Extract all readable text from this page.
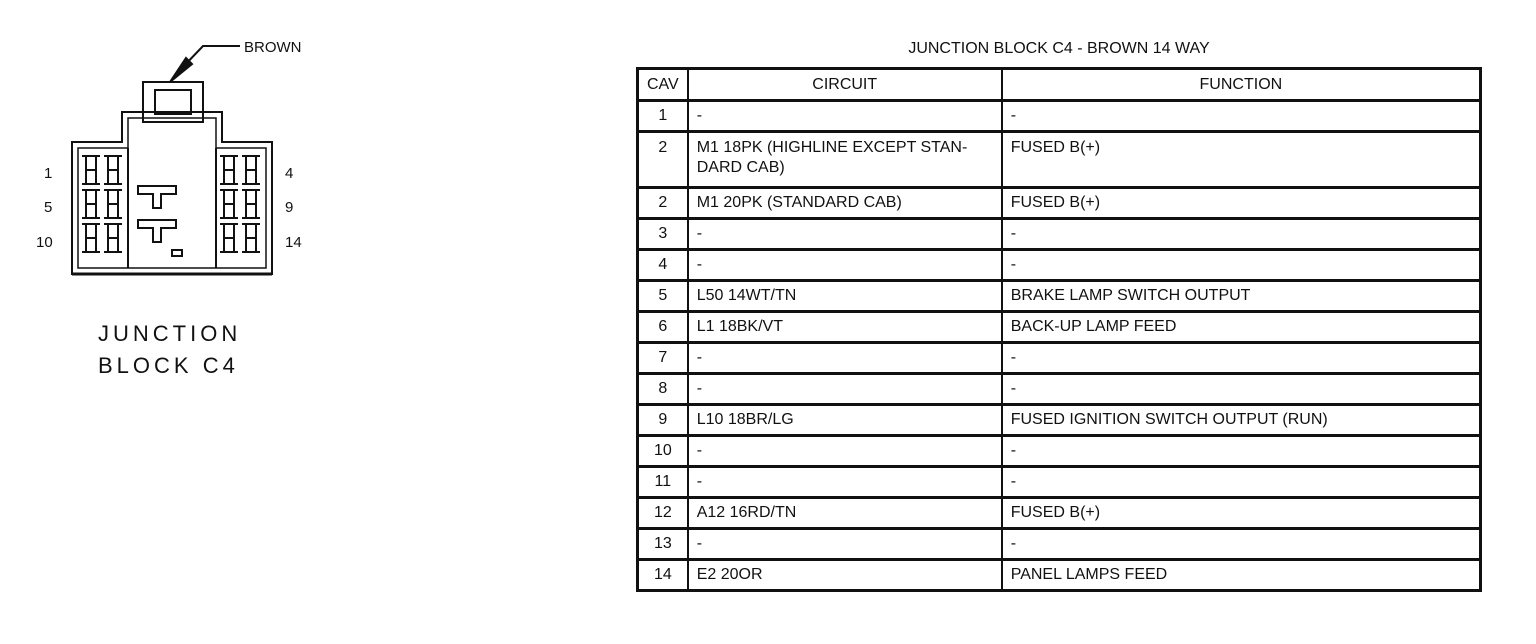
BROWN
1
5
10
4
9
14
JUNCTION
BLOCK C4
JUNCTION BLOCK C4 - BROWN 14 WAY
CAV	CIRCUIT	FUNCTION
1	-	-
2	M1 18PK (HIGHLINE EXCEPT STAN-DARD CAB)	FUSED B(+)
2	M1 20PK (STANDARD CAB)	FUSED B(+)
3	-	-
4	-	-
5	L50 14WT/TN	BRAKE LAMP SWITCH OUTPUT
6	L1 18BK/VT	BACK-UP LAMP FEED
7	-	-
8	-	-
9	L10 18BR/LG	FUSED IGNITION SWITCH OUTPUT (RUN)
10	-	-
11	-	-
12	A12 16RD/TN	FUSED B(+)
13	-	-
14	E2 20OR	PANEL LAMPS FEED
